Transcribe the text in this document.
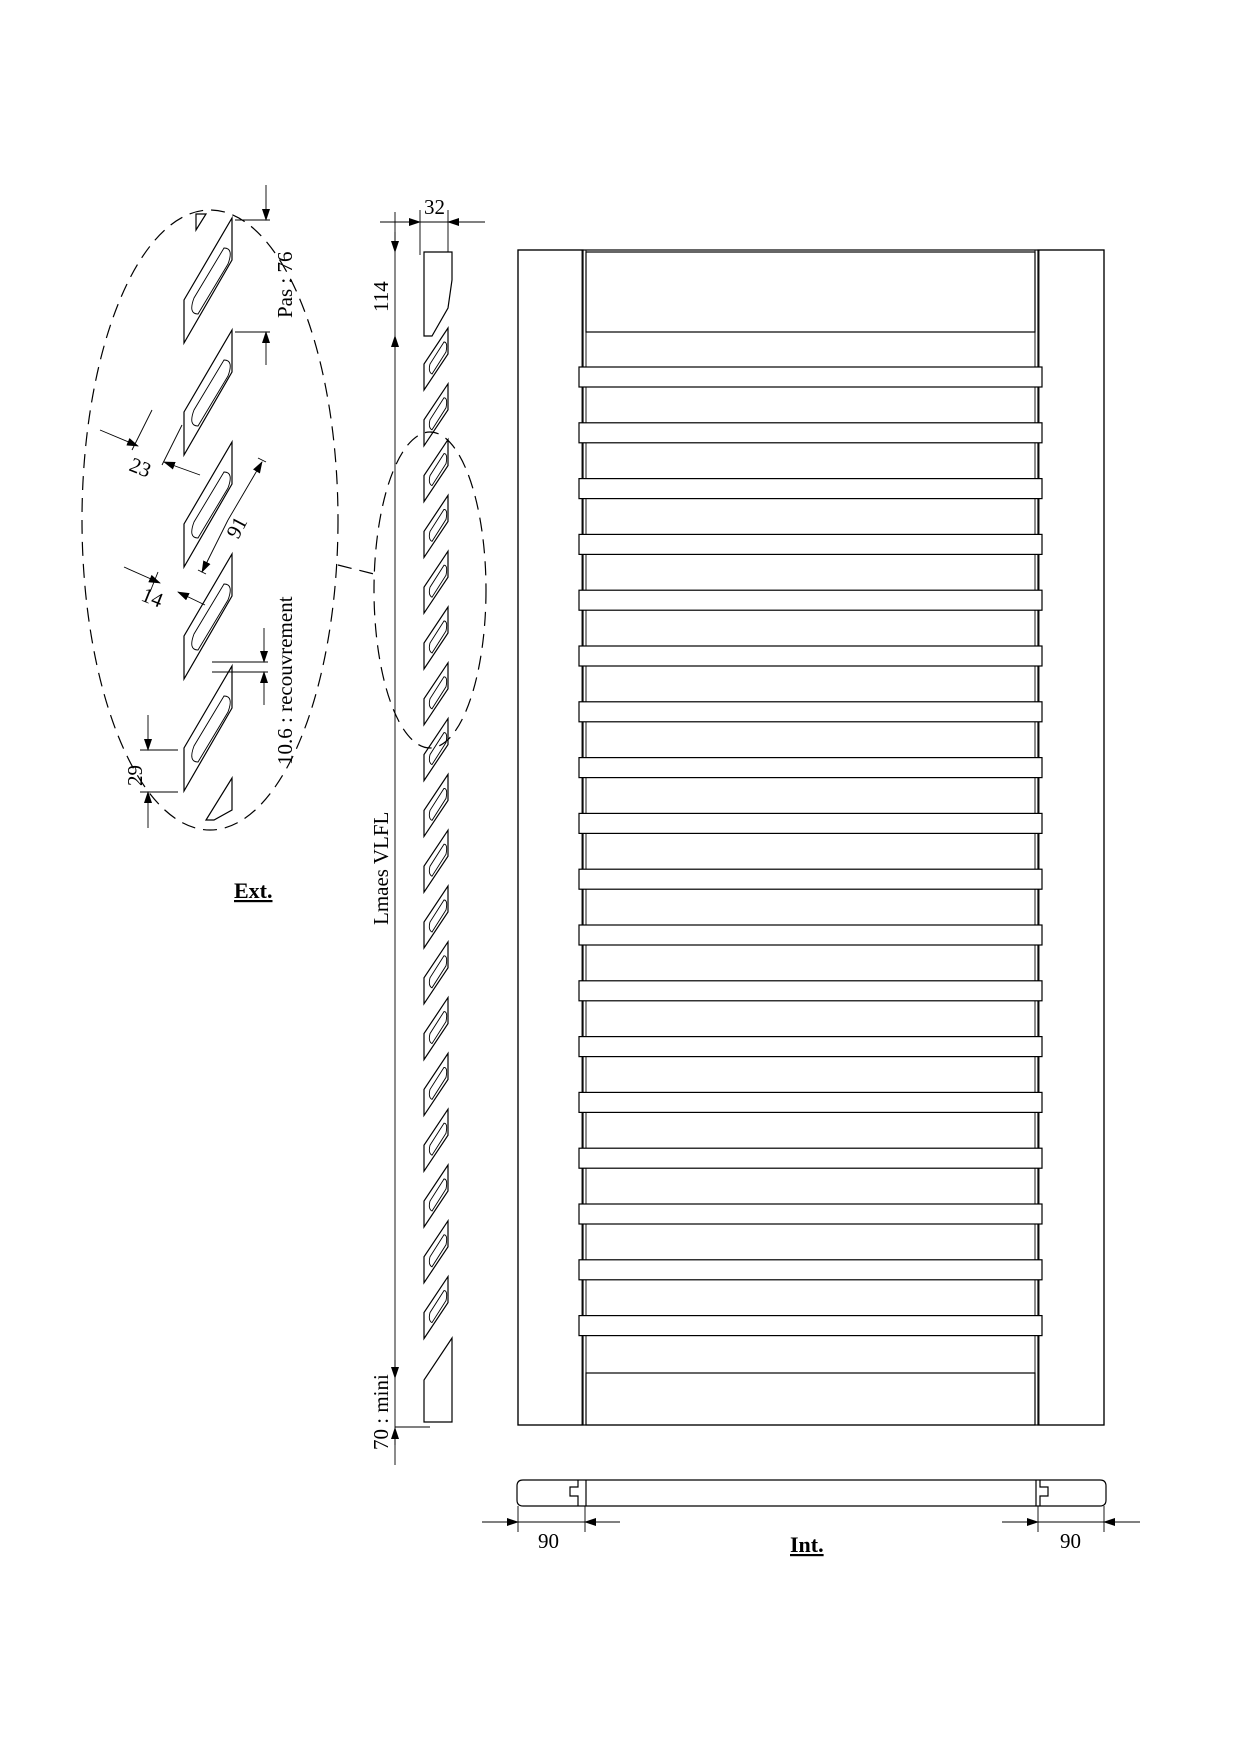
Pas : 76
23
91
14	10.6 : recouvrement
29
Ext.
32
114
Lmaes VLFL
70 : mini
90	90
Int.
